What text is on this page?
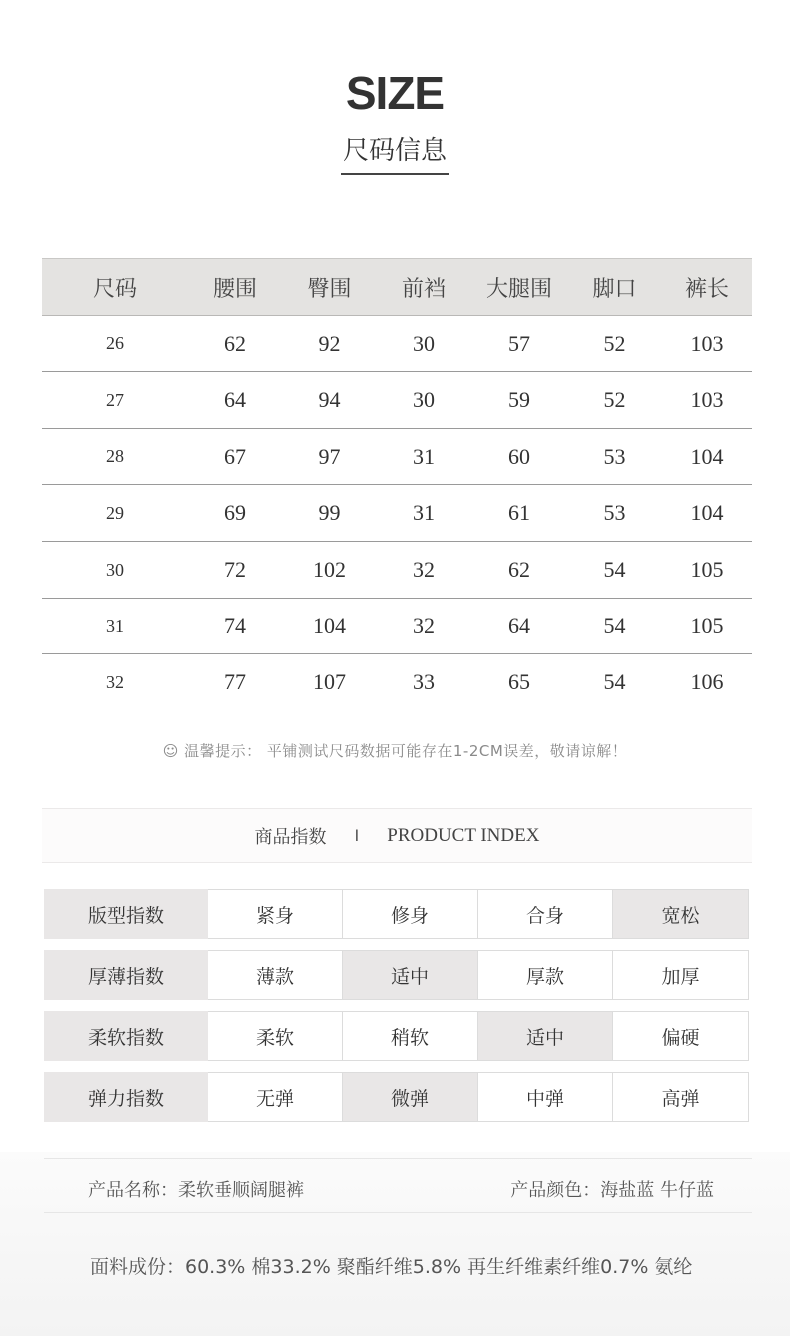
SIZE
尺码信息
尺码	腰围	臀围	前裆	大腿围	脚口	裤长
26	62	92	30	57	52	103
27	64	94	30	59	52	103
28	67	97	31	60	53	104
29	69	99	31	61	53	104
30	72	102	32	62	54	105
31	74	104	32	64	54	105
32	77	107	33	65	54	106
☺ 温馨提示： 平铺测试尺码数据可能存在1-2CM误差，敬请谅解！
商品指数 I PRODUCT INDEX
版型指数	紧身	修身	合身	宽松
厚薄指数	薄款	适中	厚款	加厚
柔软指数	柔软	稍软	适中	偏硬
弹力指数	无弹	微弹	中弹	高弹
产品名称：柔软垂顺阔腿裤	产品颜色：海盐蓝 牛仔蓝
面料成份：60.3% 棉33.2% 聚酯纤维5.8% 再生纤维素纤维0.7% 氨纶
